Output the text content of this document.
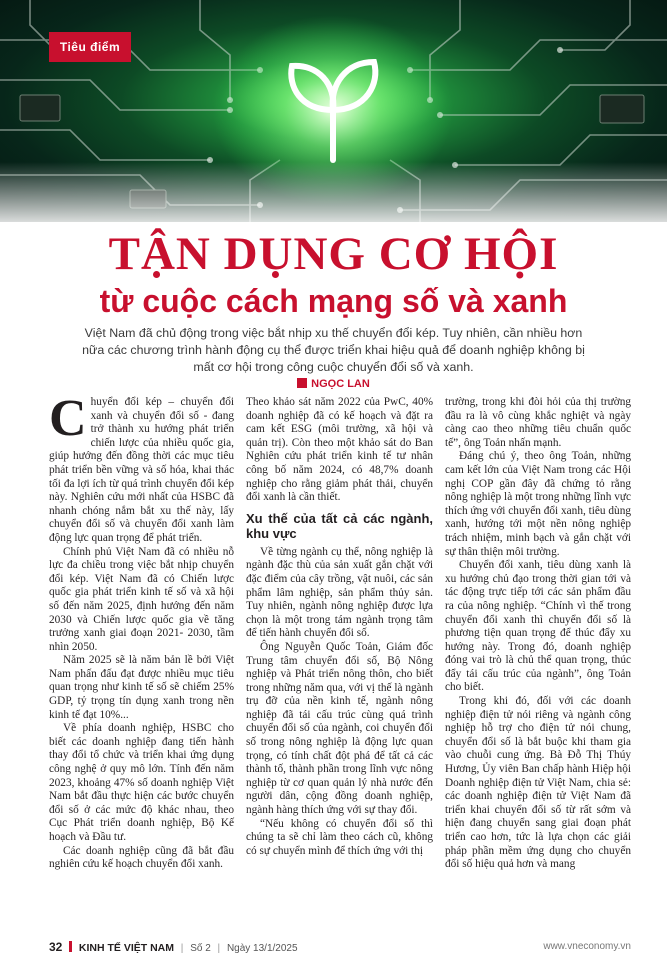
Tiêu điểm
TẬN DỤNG CƠ HỘI
từ cuộc cách mạng số và xanh
Việt Nam đã chủ động trong việc bắt nhịp xu thế chuyển đổi kép. Tuy nhiên, cần nhiều hơn nữa các chương trình hành động cụ thể được triển khai hiệu quả để doanh nghiệp không bị mất cơ hội trong công cuộc chuyển đổi số và xanh.
NGỌC LAN

Chuyển đổi kép – chuyển đổi xanh và chuyển đổi số - đang trở thành xu hướng phát triển chiến lược của nhiều quốc gia, giúp hướng đến đồng thời các mục tiêu phát triển bền vững và số hóa, khai thác tối đa lợi ích từ quá trình chuyển đổi kép này. Nghiên cứu mới nhất của HSBC đã nhanh chóng nắm bắt xu thế này, lấy chuyển đổi số và chuyển đổi xanh làm động lực quan trọng để phát triển.

Chính phủ Việt Nam đã có nhiều nỗ lực đa chiều trong việc bắt nhịp chuyển đổi kép. Việt Nam đã có Chiến lược quốc gia phát triển kinh tế số và xã hội số đến năm 2025, định hướng đến năm 2030 và Chiến lược quốc gia về tăng trưởng xanh giai đoạn 2021- 2030, tầm nhìn 2050.

Năm 2025 sẽ là năm bản lề bởi Việt Nam phấn đấu đạt được nhiều mục tiêu quan trọng như kinh tế số sẽ chiếm 25% GDP, tỷ trọng tín dụng xanh trong nền kinh tế đạt 10%...

Về phía doanh nghiệp, HSBC cho biết các doanh nghiệp đang tiến hành thay đổi tổ chức và triển khai ứng dụng công nghệ ở quy mô lớn. Tính đến năm 2023, khoảng 47% số doanh nghiệp Việt Nam bắt đầu thực hiện các bước chuyển đổi số ở các mức độ khác nhau, theo Cục Phát triển doanh nghiệp, Bộ Kế hoạch và Đầu tư.

Các doanh nghiệp cũng đã bắt đầu nghiên cứu kế hoạch chuyển đổi xanh.

Theo khảo sát năm 2022 của PwC, 40% doanh nghiệp đã có kế hoạch và đặt ra cam kết ESG (môi trường, xã hội và quản trị). Còn theo một khảo sát do Ban Nghiên cứu phát triển kinh tế tư nhân công bố năm 2024, có 48,7% doanh nghiệp cho rằng giảm phát thải, chuyển đổi xanh là cần thiết.

Xu thế của tất cả các ngành, khu vực

Về từng ngành cụ thể, nông nghiệp là ngành đặc thù của sản xuất gắn chặt với đặc điểm của cây trồng, vật nuôi, các sản phẩm lâm nghiệp, sản phẩm thủy sản. Tuy nhiên, ngành nông nghiệp được lựa chọn là một trong tám ngành trọng tâm để tiến hành chuyển đổi số.

Ông Nguyễn Quốc Toản, Giám đốc Trung tâm chuyển đổi số, Bộ Nông nghiệp và Phát triển nông thôn, cho biết trong những năm qua, với vị thế là ngành trụ đỡ của nền kinh tế, ngành nông nghiệp đã tái cấu trúc cùng quá trình chuyển đổi số của ngành, coi chuyển đổi số trong nông nghiệp là động lực quan trọng, có tính chất đột phá để tất cả các thành tố, thành phần trong lĩnh vực nông nghiệp từ cơ quan quản lý nhà nước đến người dân, cộng đồng doanh nghiệp, ngành hàng thích ứng với sự thay đổi.

“Nếu không có chuyển đổi số thì chúng ta sẽ chỉ làm theo cách cũ, không có sự chuyển mình để thích ứng với thị

trường, trong khi đòi hỏi của thị trường đầu ra là vô cùng khắc nghiệt và ngày càng cao theo những tiêu chuẩn quốc tế”, ông Toản nhấn mạnh.

Đáng chú ý, theo ông Toản, những cam kết lớn của Việt Nam trong các Hội nghị COP gần đây đã chứng tỏ rằng nông nghiệp là một trong những lĩnh vực thích ứng với chuyển đổi xanh, tiêu dùng xanh, hướng tới một nền nông nghiệp trách nhiệm, minh bạch và gắn chặt với sự thân thiện môi trường.

Chuyển đổi xanh, tiêu dùng xanh là xu hướng chủ đạo trong thời gian tới và tác động trực tiếp tới các sản phẩm đầu ra của nông nghiệp. “Chính vì thế trong chuyển đổi xanh thì chuyển đổi số là phương tiện quan trọng để thúc đẩy xu hướng này. Trong đó, doanh nghiệp đóng vai trò là chủ thể quan trọng, thúc đẩy tái cấu trúc của ngành”, ông Toản cho biết.

Trong khi đó, đối với các doanh nghiệp điện tử nói riêng và ngành công nghiệp hỗ trợ cho điện tử nói chung, chuyển đổi số là bắt buộc khi tham gia vào chuỗi cung ứng. Bà Đỗ Thị Thúy Hương, Ủy viên Ban chấp hành Hiệp hội Doanh nghiệp điện tử Việt Nam, chia sẻ: các doanh nghiệp điện tử Việt Nam đã triển khai chuyển đổi số từ rất sớm và hiện đang chuyển sang giai đoạn phát triển cao hơn, tức là lựa chọn các giải pháp phần mềm ứng dụng cho chuyển đổi số hiệu quả hơn và mang

32 KINH TẾ VIỆT NAM | Số 2 | Ngày 13/1/2025	www.vneconomy.vn
